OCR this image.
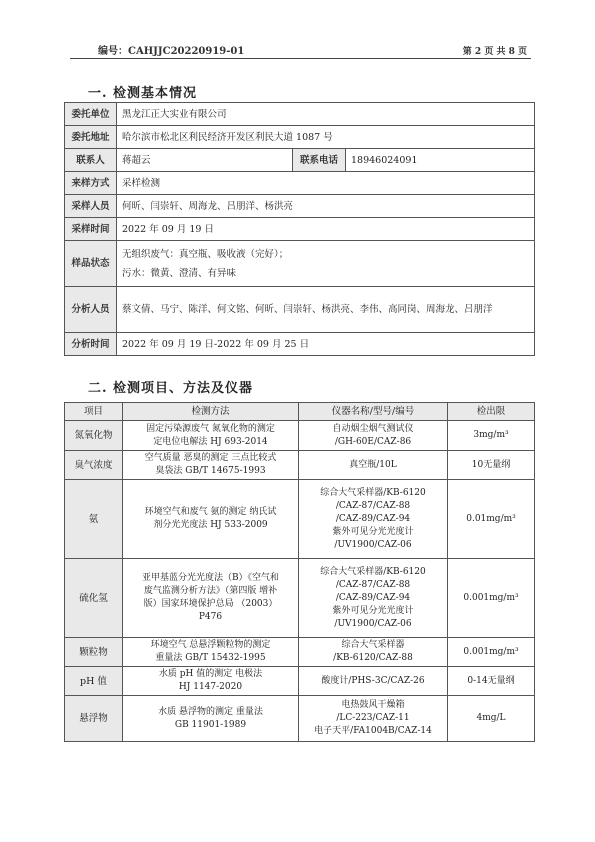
编号：CAHJJC20220919-01	第 2 页 共 8 页
一. 检测基本情况
委托单位	黑龙江正大实业有限公司		
委托地址	哈尔滨市松北区利民经济开发区利民大道 1087 号		
联系人	蒋超云	联系电话	18946024091
来样方式	采样检测		
采样人员	何昕、闫崇轩、周海龙、吕朋洋、杨洪亮		
采样时间	2022 年 09 月 19 日		
样品状态	无组织废气：真空瓶、吸收液（完好）；
污水：微黄、澄清、有异味		

分析人员	蔡文倩、马宁、陈洋、何文铭、何昕、闫崇轩、杨洪亮、李伟、高同岗、周海龙、吕朋洋		
分析时间	2022 年 09 月 19 日-2022 年 09 月 25 日		
二. 检测项目、方法及仪器
项目	检测方法	仪器名称/型号/编号	检出限
氮氧化物	固定污染源废气 氮氧化物的测定
定电位电解法 HJ 693-2014	自动烟尘烟气测试仪
/GH-60E/CAZ-86	3mg/m³
臭气浓度	空气质量 恶臭的测定 三点比较式
臭袋法 GB/T 14675-1993	真空瓶/10L	10无量纲
氨	环境空气和废气 氨的测定 纳氏试
剂分光光度法 HJ 533-2009	综合大气采样器/KB-6120
/CAZ-87/CAZ-88
/CAZ-89/CAZ-94
紫外可见分光光度计
/UV1900/CAZ-06	0.01mg/m³
硫化氢	亚甲基蓝分光光度法（B）《空气和
废气监测分析方法》（第四版 增补
版）国家环境保护总局 （2003）
P476	综合大气采样器/KB-6120
/CAZ-87/CAZ-88
/CAZ-89/CAZ-94
紫外可见分光光度计
/UV1900/CAZ-06	0.001mg/m³
颗粒物	环境空气 总悬浮颗粒物的测定
重量法 GB/T 15432-1995	综合大气采样器
/KB-6120/CAZ-88	0.001mg/m³
pH 值	水质 pH 值的测定 电极法
HJ 1147-2020	酸度计/PHS-3C/CAZ-26	0-14无量纲
悬浮物	水质 悬浮物的测定 重量法
GB 11901-1989	电热鼓风干燥箱
/LC-223/CAZ-11
电子天平/FA1004B/CAZ-14	4mg/L
